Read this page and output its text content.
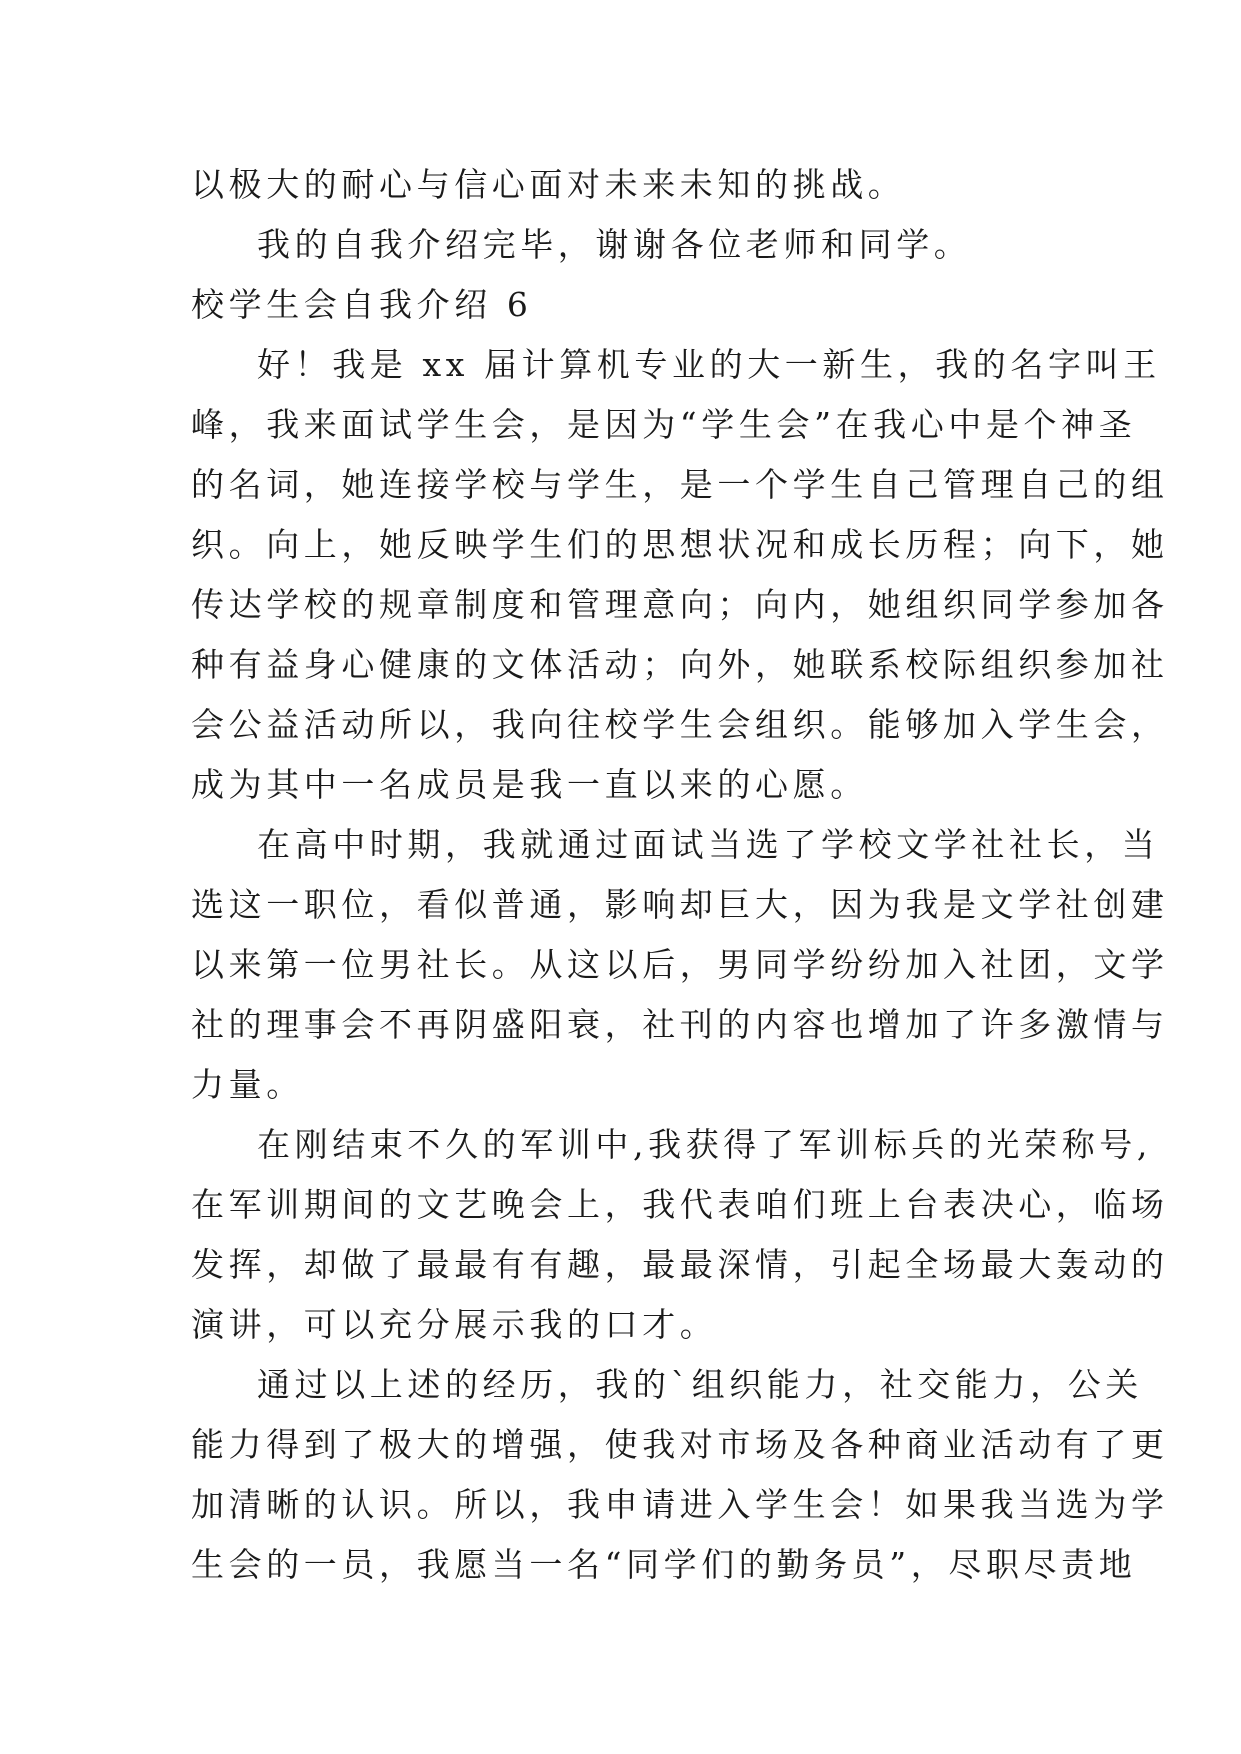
以极大的耐心与信心面对未来未知的挑战。
我的自我介绍完毕，谢谢各位老师和同学。
校学生会自我介绍 6
好！我是 xx 届计算机专业的大一新生，我的名字叫王
峰，我来面试学生会，是因为“学生会”在我心中是个神圣
的名词，她连接学校与学生，是一个学生自己管理自己的组
织。向上，她反映学生们的思想状况和成长历程；向下，她
传达学校的规章制度和管理意向；向内，她组织同学参加各
种有益身心健康的文体活动；向外，她联系校际组织参加社
会公益活动所以，我向往校学生会组织。能够加入学生会，
成为其中一名成员是我一直以来的心愿。
在高中时期，我就通过面试当选了学校文学社社长，当
选这一职位，看似普通，影响却巨大，因为我是文学社创建
以来第一位男社长。从这以后，男同学纷纷加入社团，文学
社的理事会不再阴盛阳衰，社刊的内容也增加了许多激情与
力量。
在刚结束不久的军训中,我获得了军训标兵的光荣称号,
在军训期间的文艺晚会上，我代表咱们班上台表决心，临场
发挥，却做了最最有有趣，最最深情，引起全场最大轰动的
演讲，可以充分展示我的口才。
通过以上述的经历，我的`组织能力，社交能力，公关
能力得到了极大的增强，使我对市场及各种商业活动有了更
加清晰的认识。所以，我申请进入学生会！如果我当选为学
生会的一员，我愿当一名“同学们的勤务员”，尽职尽责地
